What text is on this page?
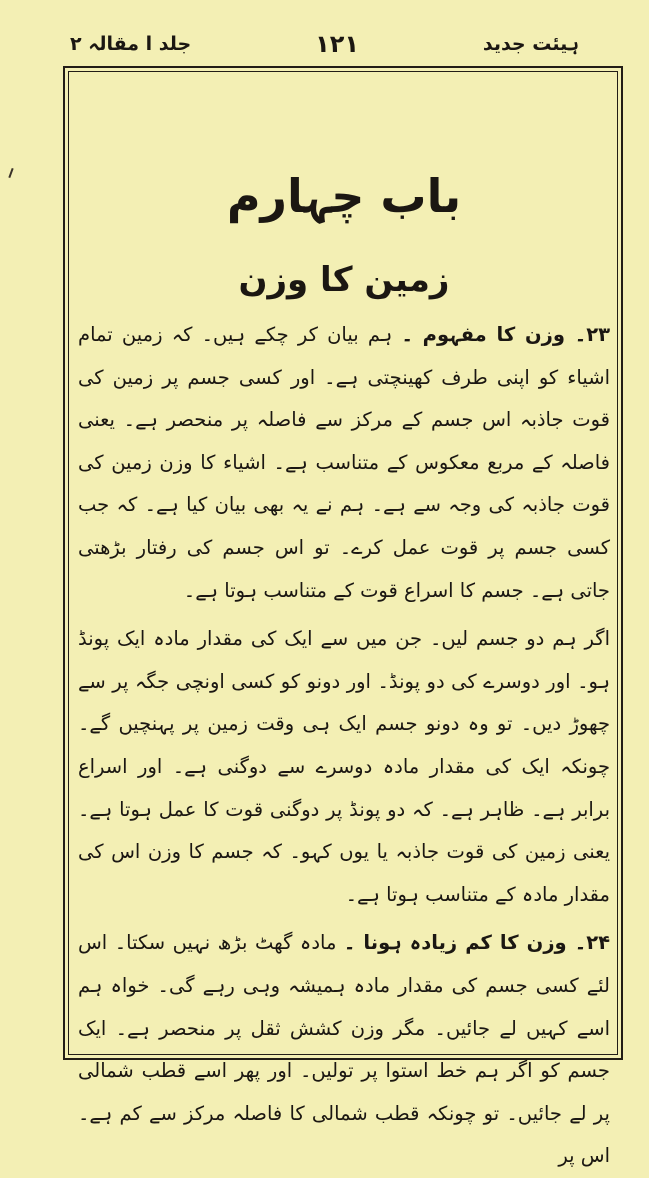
ہیئت جدید
۱۲۱
جلد ا مقالہ ۲
باب چہارم
زمین کا وزن

۲۳۔ وزن کا مفہوم ۔ ہم بیان کر چکے ہیں۔ کہ زمین تمام اشیاء کو اپنی طرف کھینچتی ہے۔ اور کسی جسم پر زمین کی قوت جاذبہ اس جسم کے مرکز سے فاصلہ پر منحصر ہے۔ یعنی فاصلہ کے مربع معکوس کے متناسب ہے۔ اشیاء کا وزن زمین کی قوت جاذبہ کی وجہ سے ہے۔ ہم نے یہ بھی بیان کیا ہے۔ کہ جب کسی جسم پر قوت عمل کرے۔ تو اس جسم کی رفتار بڑھتی جاتی ہے۔ جسم کا اسراع قوت کے متناسب ہوتا ہے۔

اگر ہم دو جسم لیں۔ جن میں سے ایک کی مقدار مادہ ایک پونڈ ہو۔ اور دوسرے کی دو پونڈ۔ اور دونو کو کسی اونچی جگہ پر سے چھوڑ دیں۔ تو وہ دونو جسم ایک ہی وقت زمین پر پہنچیں گے۔ چونکہ ایک کی مقدار مادہ دوسرے سے دوگنی ہے۔ اور اسراع برابر ہے۔ ظاہر ہے۔ کہ دو پونڈ پر دوگنی قوت کا عمل ہوتا ہے۔ یعنی زمین کی قوت جاذبہ یا یوں کہو۔ کہ جسم کا وزن اس کی مقدار مادہ کے متناسب ہوتا ہے۔

۲۴۔ وزن کا کم زیادہ ہونا ۔ مادہ گھٹ بڑھ نہیں سکتا۔ اس لئے کسی جسم کی مقدار مادہ ہمیشہ وہی رہے گی۔ خواہ ہم اسے کہیں لے جائیں۔ مگر وزن کشش ثقل پر منحصر ہے۔ ایک جسم کو اگر ہم خط استوا پر تولیں۔ اور پھر اسے قطب شمالی پر لے جائیں۔ تو چونکہ قطب شمالی کا فاصلہ مرکز سے کم ہے۔ اس پر
